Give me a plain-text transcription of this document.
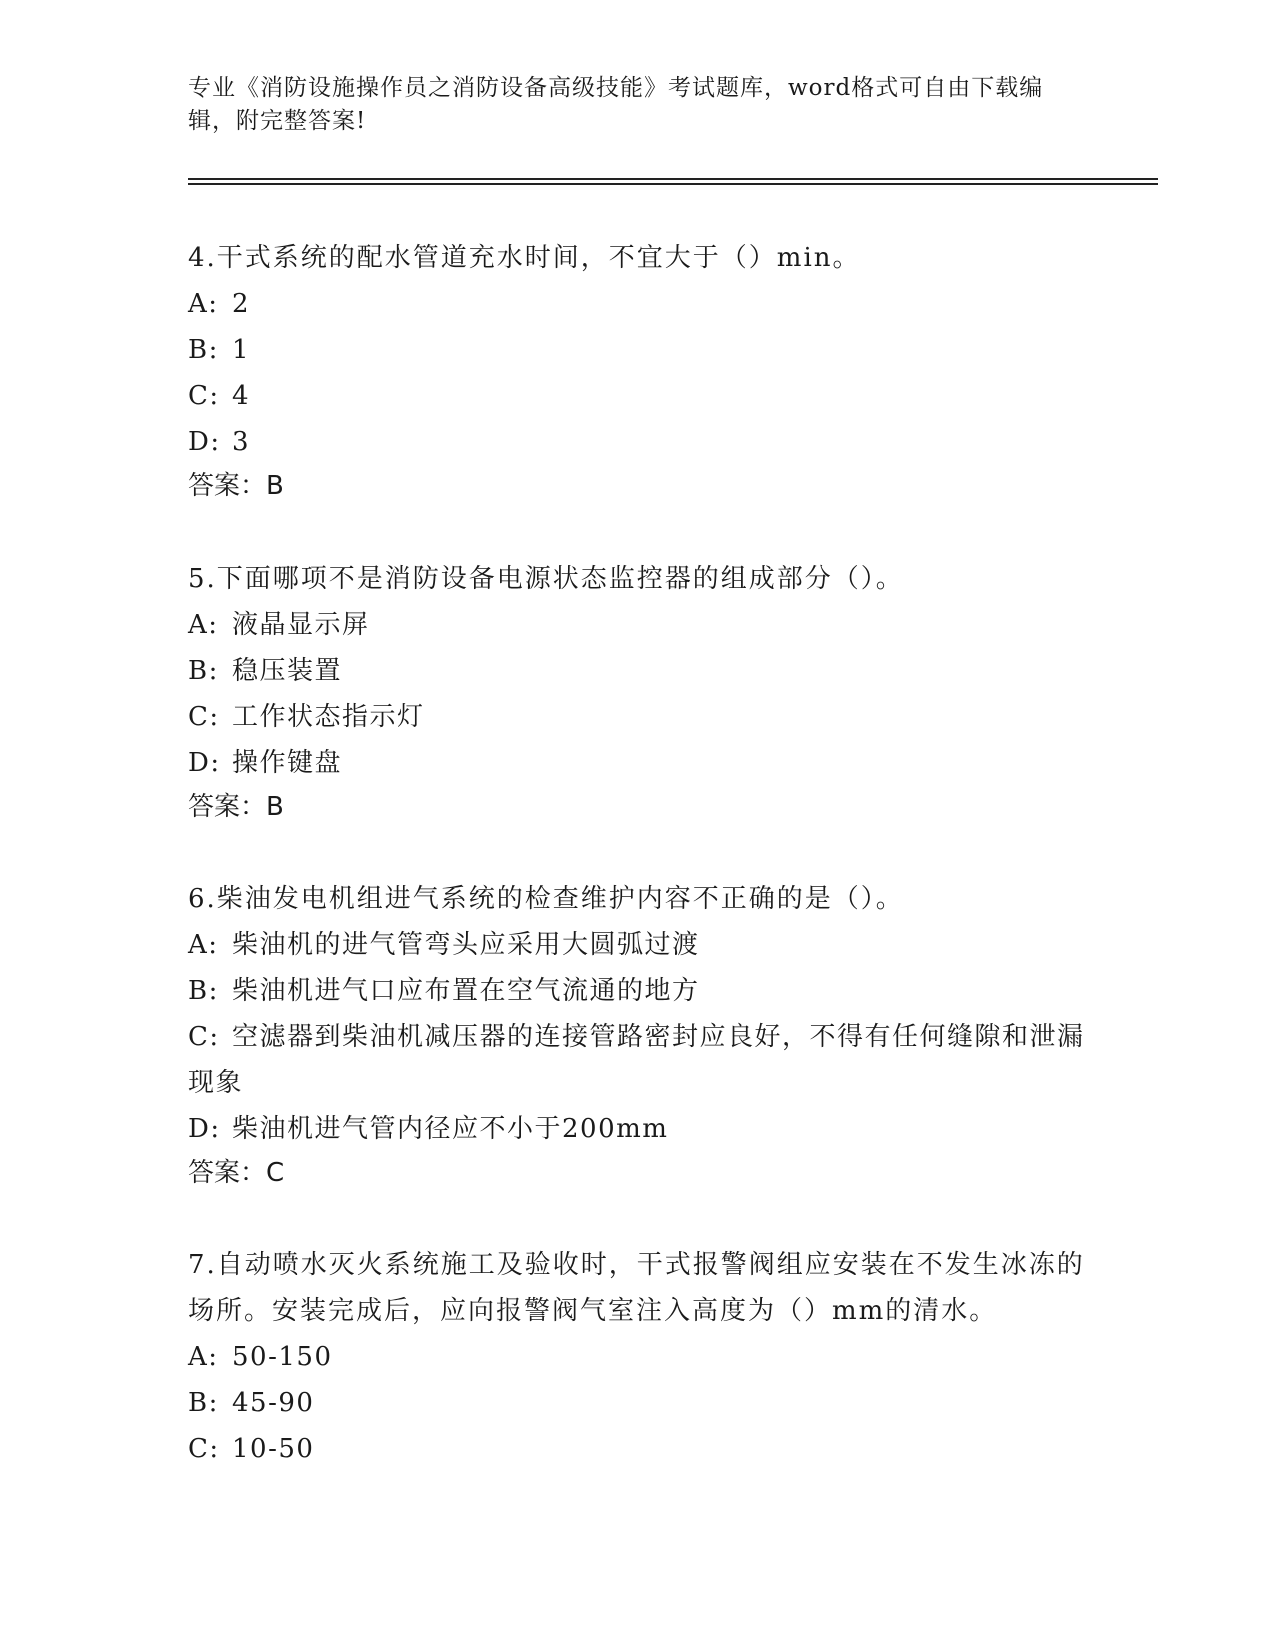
专业《消防设施操作员之消防设备高级技能》考试题库，word格式可自由下载编辑，附完整答案!
4.干式系统的配水管道充水时间，不宜大于（）min。
A: 2
B: 1
C: 4
D: 3
答案：B
5.下面哪项不是消防设备电源状态监控器的组成部分（）。
A: 液晶显示屏
B: 稳压装置
C: 工作状态指示灯
D: 操作键盘
答案：B
6.柴油发电机组进气系统的检查维护内容不正确的是（）。
A: 柴油机的进气管弯头应采用大圆弧过渡
B: 柴油机进气口应布置在空气流通的地方
C: 空滤器到柴油机减压器的连接管路密封应良好，不得有任何缝隙和泄漏现象
D: 柴油机进气管内径应不小于200mm
答案：C
7.自动喷水灭火系统施工及验收时，干式报警阀组应安装在不发生冰冻的场所。安装完成后，应向报警阀气室注入高度为（）mm的清水。
A: 50-150
B: 45-90
C: 10-50
